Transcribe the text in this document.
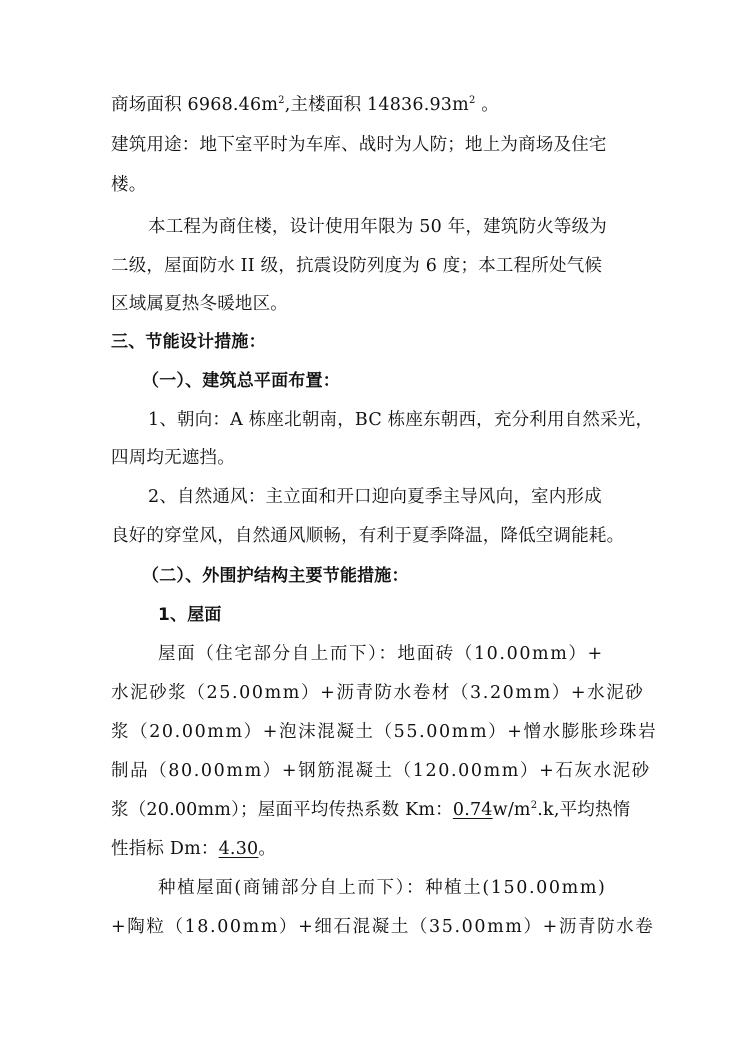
商场面积 $6968.46m^2$,主楼面积 $14836.93m^2$ 。
建筑用途：地下室平时为车库、战时为人防；地上为商场及住宅
楼。
本工程为商住楼，设计使用年限为 50 年，建筑防火等级为
二级，屋面防水 II 级，抗震设防列度为 6 度；本工程所处气候
区域属夏热冬暖地区。
三、节能设计措施：
（一）、建筑总平面布置：
1、朝向：A 栋座北朝南，BC 栋座东朝西，充分利用自然采光，
四周均无遮挡。
2、自然通风：主立面和开口迎向夏季主导风向，室内形成
良好的穿堂风，自然通风顺畅，有利于夏季降温，降低空调能耗。
（二）、外围护结构主要节能措施：
1、屋面
屋面（住宅部分自上而下）：地面砖（10.00mm）+
水泥砂浆（25.00mm）+沥青防水卷材（3.20mm）+水泥砂
浆（20.00mm）+泡沫混凝土（55.00mm）+憎水膨胀珍珠岩
制品（80.00mm）+钢筋混凝土（120.00mm）+石灰水泥砂
浆（20.00mm）；屋面平均传热系数 Km：$0.74w/m^2.k$,平均热惰
性指标 Dm：4.30。
种植屋面(商铺部分自上而下）：种植土(150.00mm)
+陶粒（18.00mm）+细石混凝土（35.00mm）+沥青防水卷
